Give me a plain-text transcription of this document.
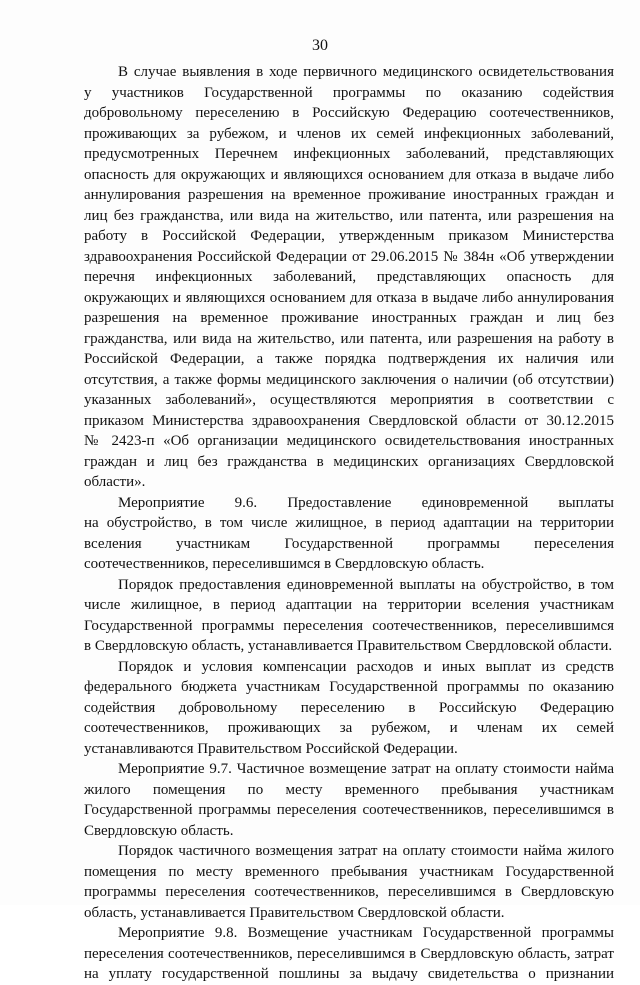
30

В случае выявления в ходе первичного медицинского освидетельствования
у участников Государственной программы по оказанию содействия
добровольному переселению в Российскую Федерацию соотечественников,
проживающих за рубежом, и членов их семей инфекционных заболеваний,
предусмотренных Перечнем инфекционных заболеваний, представляющих
опасность для окружающих и являющихся основанием для отказа в выдаче либо
аннулирования разрешения на временное проживание иностранных граждан и
лиц без гражданства, или вида на жительство, или патента, или разрешения на
работу в Российской Федерации, утвержденным приказом Министерства
здравоохранения Российской Федерации от 29.06.2015 № 384н «Об утверждении
перечня инфекционных заболеваний, представляющих опасность для
окружающих и являющихся основанием для отказа в выдаче либо аннулирования
разрешения на временное проживание иностранных граждан и лиц без
гражданства, или вида на жительство, или патента, или разрешения на работу в
Российской Федерации, а также порядка подтверждения их наличия или
отсутствия, а также формы медицинского заключения о наличии (об отсутствии)
указанных заболеваний», осуществляются мероприятия в соответствии с
приказом Министерства здравоохранения Свердловской области от 30.12.2015
№ 2423-п «Об организации медицинского освидетельствования иностранных
граждан и лиц без гражданства в медицинских организациях Свердловской
области».

Мероприятие 9.6. Предоставление единовременной выплаты
на обустройство, в том числе жилищное, в период адаптации на территории
вселения участникам Государственной программы переселения
соотечественников, переселившимся в Свердловскую область.

Порядок предоставления единовременной выплаты на обустройство, в том
числе жилищное, в период адаптации на территории вселения участникам
Государственной программы переселения соотечественников, переселившимся
в Свердловскую область, устанавливается Правительством Свердловской области.

Порядок и условия компенсации расходов и иных выплат из средств
федерального бюджета участникам Государственной программы по оказанию
содействия добровольному переселению в Российскую Федерацию
соотечественников, проживающих за рубежом, и членам их семей
устанавливаются Правительством Российской Федерации.

Мероприятие 9.7. Частичное возмещение затрат на оплату стоимости найма
жилого помещения по месту временного пребывания участникам
Государственной программы переселения соотечественников, переселившимся в
Свердловскую область.

Порядок частичного возмещения затрат на оплату стоимости найма жилого
помещения по месту временного пребывания участникам Государственной
программы переселения соотечественников, переселившимся в Свердловскую
область, устанавливается Правительством Свердловской области.

Мероприятие 9.8. Возмещение участникам Государственной программы
переселения соотечественников, переселившимся в Свердловскую область, затрат
на уплату государственной пошлины за выдачу свидетельства о признании
